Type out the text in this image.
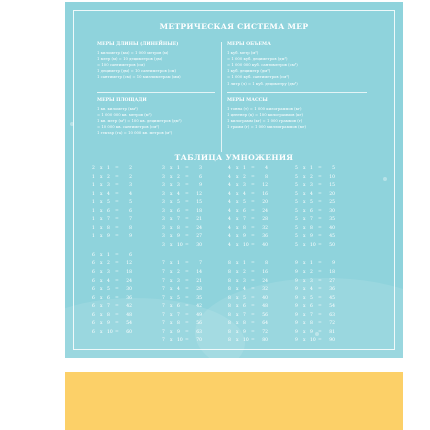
МЕТРИЧЕСКАЯ СИСТЕМА МЕР
МЕРЫ ДЛИНЫ (ЛИНЕЙНЫЕ)
1 километр (км) = 1 000 метров (м)
1 метр (м) = 10 дециметров (дм)
= 100 сантиметров (см)
1 дециметр (дм) = 10 сантиметров (см)
1 сантиметр (см) = 10 миллиметрам (мм)
МЕРЫ ОБЪЕМА
1 куб. метр (м³)
= 1 000 куб. дециметров (дм³)
= 1 000 000 куб. сантиметров (см³)
1 куб. дециметр (дм³)
= 1 000 куб. сантиметров (см³)
1 литр (л) = 1 куб. дециметру (дм³)
МЕРЫ ПЛОЩАДИ
1 кв. километр (км²)
= 1 000 000 кв. метров (м²)
1 кв. метр (м²) = 100 кв. дециметров (дм²)
= 10 000 кв. сантиметров (см²)
1 гектар (га) = 10 000 кв. метров (м²)
МЕРЫ МАССЫ
1 тонна (т) = 1 000 килограммов (кг)
1 центнер (ц) = 100 килограммов (кг)
1 килограмм (кг) = 1 000 граммов (г)
1 грамм (г) = 1 000 миллиграммов (мг)
ТАБЛИЦА УМНОЖЕНИЯ
2 x 1 =	2
1 x 2 =	2
1 x 3 =	3
1 x 4 =	4
1 x 5 =	5
1 x 6 =	6
1 x 7 =	7
1 x 8 =	8
1 x 9 =	9
6 x 1 =	6
6 x 2 =	12
6 x 3 =	18
6 x 4 =	24
6 x 5 =	30
6 x 6 =	36
6 x 7 =	42
6 x 8 =	48
6 x 9 =	54
6 x 10 =	60
3 x 1 =	3
3 x 2 =	6
3 x 3 =	9
3 x 4 =	12
3 x 5 =	15
3 x 6 =	18
3 x 7 =	21
3 x 8 =	24
3 x 9 =	27
3 x 10 =	30
7 x 1 =	7
7 x 2 =	14
7 x 3 =	21
7 x 4 =	28
7 x 5 =	35
7 x 6 =	42
7 x 7 =	49
7 x 8 =	56
7 x 9 =	63
7 x 10 =	70
4 x 1 =	4
4 x 2 =	8
4 x 3 =	12
4 x 4 =	16
4 x 5 =	20
4 x 6 =	24
4 x 7 =	28
4 x 8 =	32
4 x 9 =	36
4 x 10 =	40
8 x 1 =	8
8 x 2 =	16
8 x 3 =	24
8 x 4 =	32
8 x 5 =	40
8 x 6 =	48
8 x 7 =	56
8 x 8 =	64
8 x 9 =	72
8 x 10 =	80
5 x 1 =	5
5 x 2 =	10
5 x 3 =	15
5 x 4 =	20
5 x 5 =	25
5 x 6 =	30
5 x 7 =	35
5 x 8 =	40
5 x 9 =	45
5 x 10 =	50
9 x 1 =	9
9 x 2 =	18
9 x 3 =	27
9 x 4 =	36
9 x 5 =	45
9 x 6 =	54
9 x 7 =	63
9 x 8 =	72
9 x 9 =	81
9 x 10 =	90
